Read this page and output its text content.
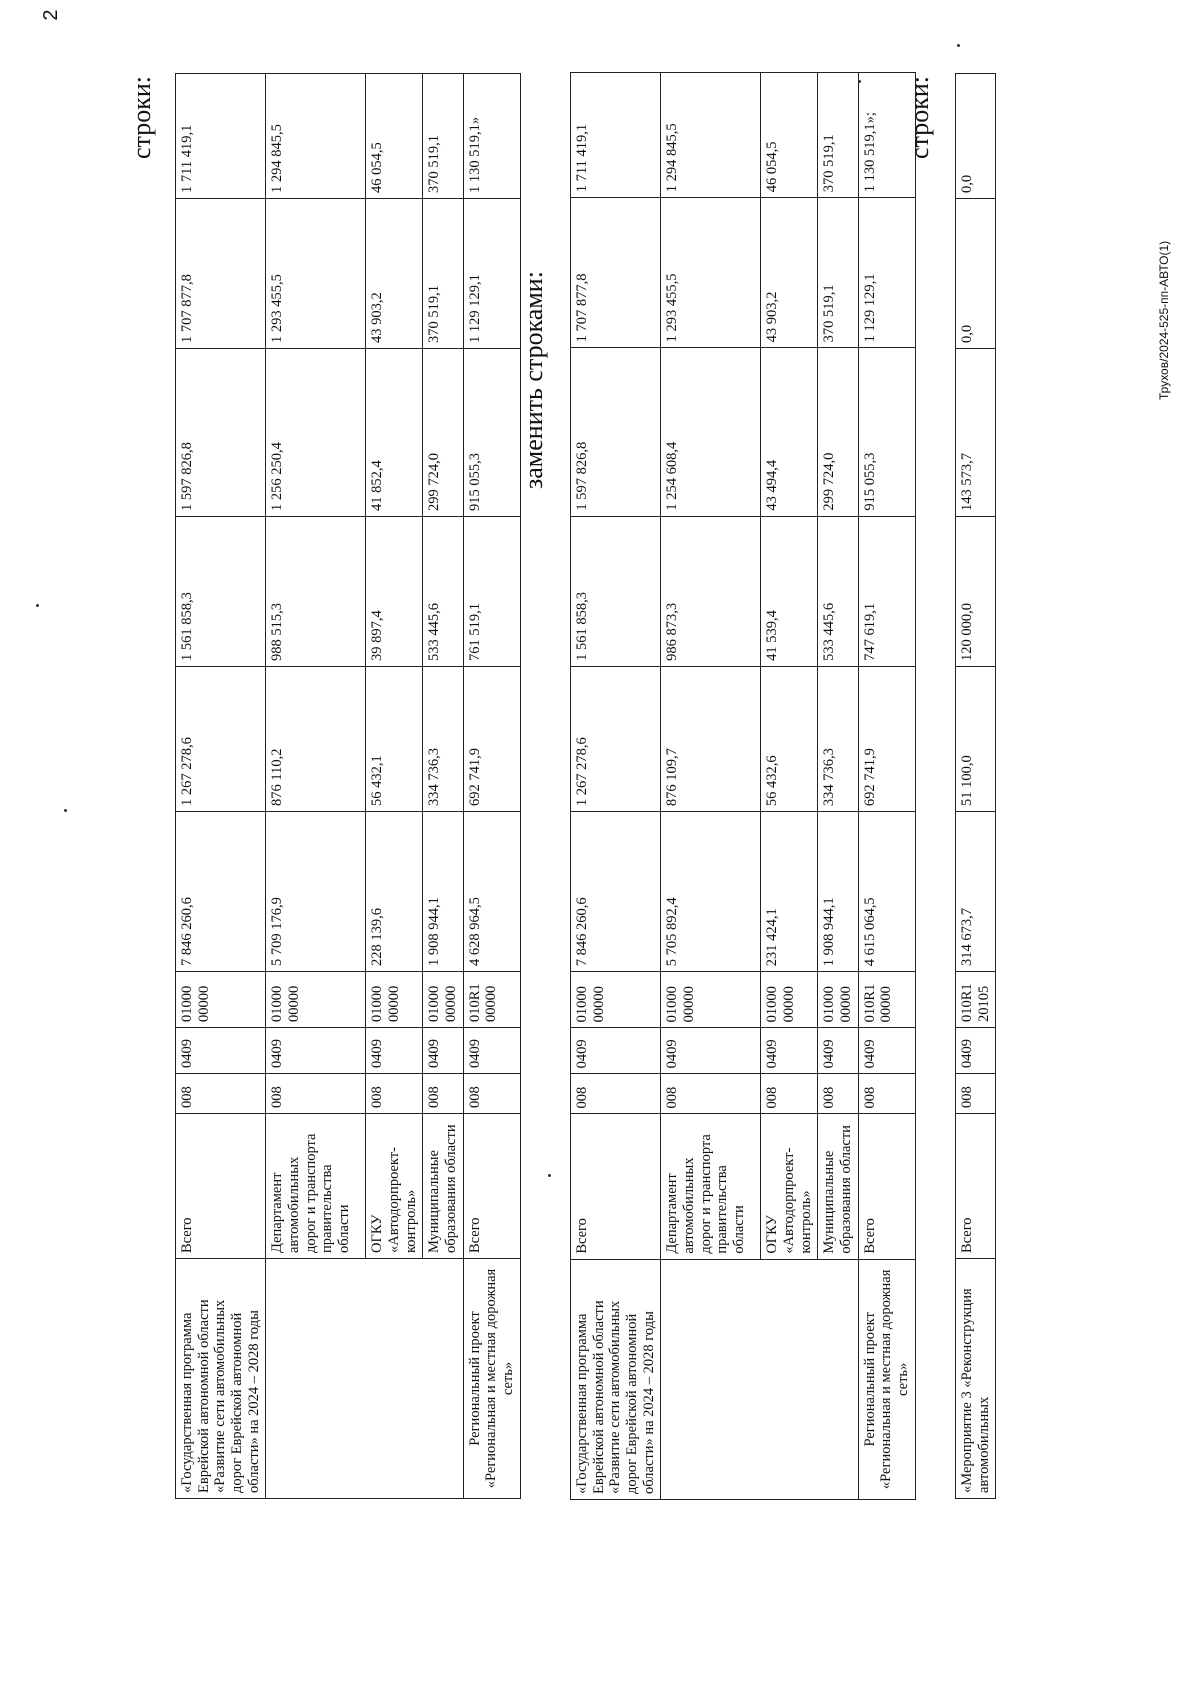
2
строки:
заменить строками:
строки:
«Государственная программа Еврейской автономной области «Развитие сети автомобильных дорог Еврейской автономной области» на 2024 – 2028 годы	Всего	008	0409	01000 00000	7 846 260,6	1 267 278,6	1 561 858,3	1 597 826,8	1 707 877,8	1 711 419,1
	Департамент автомобильных дорог и транспорта правительства области	008	0409	01000 00000	5 709 176,9	876 110,2	988 515,3	1 256 250,4	1 293 455,5	1 294 845,5
	ОГКУ «Автодорпроект-контроль»	008	0409	01000 00000	228 139,6	56 432,1	39 897,4	41 852,4	43 903,2	46 054,5
	Муниципальные образования области	008	0409	01000 00000	1 908 944,1	334 736,3	533 445,6	299 724,0	370 519,1	370 519,1
Региональный проект «Региональная и местная дорожная сеть»	Всего	008	0409	010R1 00000	4 628 964,5	692 741,9	761 519,1	915 055,3	1 129 129,1	1 130 519,1»
«Государственная программа Еврейской автономной области «Развитие сети автомобильных дорог Еврейской автономной области» на 2024 – 2028 годы	Всего	008	0409	01000 00000	7 846 260,6	1 267 278,6	1 561 858,3	1 597 826,8	1 707 877,8	1 711 419,1
	Департамент автомобильных дорог и транспорта правительства области	008	0409	01000 00000	5 705 892,4	876 109,7	986 873,3	1 254 608,4	1 293 455,5	1 294 845,5
	ОГКУ «Автодорпроект-контроль»	008	0409	01000 00000	231 424,1	56 432,6	41 539,4	43 494,4	43 903,2	46 054,5
	Муниципальные образования области	008	0409	01000 00000	1 908 944,1	334 736,3	533 445,6	299 724,0	370 519,1	370 519,1
Региональный проект «Региональная и местная дорожная сеть»	Всего	008	0409	010R1 00000	4 615 064,5	692 741,9	747 619,1	915 055,3	1 129 129,1	1 130 519,1»;
«Мероприятие 3 «Реконструкция автомобильных	Всего	008	0409	010R1 20105	314 673,7	51 100,0	120 000,0	143 573,7	0,0	0,0
Трухов/2024-525-пп-АВТО(1)
